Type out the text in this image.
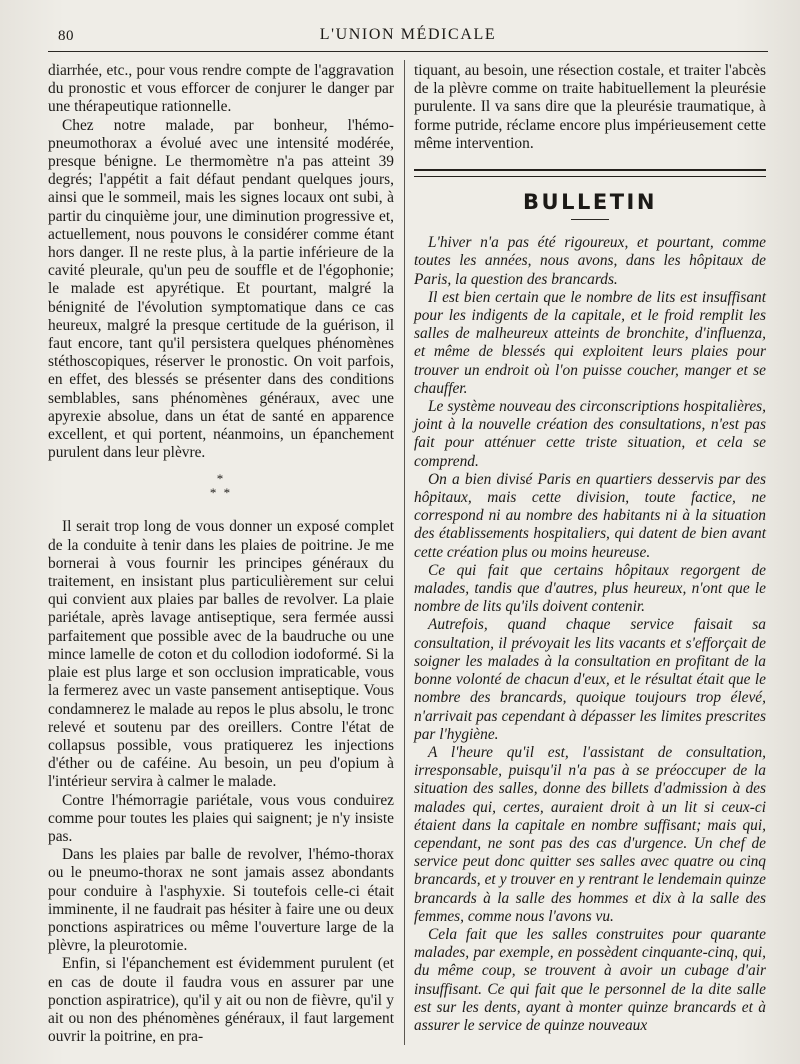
80	L'UNION MÉDICALE

diarrhée, etc., pour vous rendre compte de l'aggravation du pronostic et vous efforcer de conjurer le danger par une thérapeutique rationnelle.

Chez notre malade, par bonheur, l'hémo-pneumothorax a évolué avec une intensité modérée, presque bénigne. Le thermomètre n'a pas atteint 39 degrés; l'appétit a fait défaut pendant quelques jours, ainsi que le sommeil, mais les signes locaux ont subi, à partir du cinquième jour, une diminution progressive et, actuellement, nous pouvons le considérer comme étant hors danger. Il ne reste plus, à la partie inférieure de la cavité pleurale, qu'un peu de souffle et de l'égophonie; le malade est apyrétique. Et pourtant, malgré la bénignité de l'évolution symptomatique dans ce cas heureux, malgré la presque certitude de la guérison, il faut encore, tant qu'il persistera quelques phénomènes stéthoscopiques, réserver le pronostic. On voit parfois, en effet, des blessés se présenter dans des conditions semblables, sans phénomènes généraux, avec une apyrexie absolue, dans un état de santé en apparence excellent, et qui portent, néanmoins, un épanchement purulent dans leur plèvre.

*
* *

Il serait trop long de vous donner un exposé complet de la conduite à tenir dans les plaies de poitrine. Je me bornerai à vous fournir les principes généraux du traitement, en insistant plus particulièrement sur celui qui convient aux plaies par balles de revolver. La plaie pariétale, après lavage antiseptique, sera fermée aussi parfaitement que possible avec de la baudruche ou une mince lamelle de coton et du collodion iodoformé. Si la plaie est plus large et son occlusion impraticable, vous la fermerez avec un vaste pansement antiseptique. Vous condamnerez le malade au repos le plus absolu, le tronc relevé et soutenu par des oreillers. Contre l'état de collapsus possible, vous pratiquerez les injections d'éther ou de caféine. Au besoin, un peu d'opium à l'intérieur servira à calmer le malade.

Contre l'hémorragie pariétale, vous vous conduirez comme pour toutes les plaies qui saignent; je n'y insiste pas.

Dans les plaies par balle de revolver, l'hémo-thorax ou le pneumo-thorax ne sont jamais assez abondants pour conduire à l'asphyxie. Si toutefois celle-ci était imminente, il ne faudrait pas hésiter à faire une ou deux ponctions aspiratrices ou même l'ouverture large de la plèvre, la pleurotomie.

Enfin, si l'épanchement est évidemment purulent (et en cas de doute il faudra vous en assurer par une ponction aspiratrice), qu'il y ait ou non de fièvre, qu'il y ait ou non des phénomènes généraux, il faut largement ouvrir la poitrine, en pra-

tiquant, au besoin, une résection costale, et traiter l'abcès de la plèvre comme on traite habituellement la pleurésie purulente. Il va sans dire que la pleurésie traumatique, à forme putride, réclame encore plus impérieusement cette même intervention.

BULLETIN

L'hiver n'a pas été rigoureux, et pourtant, comme toutes les années, nous avons, dans les hôpitaux de Paris, la question des brancards.

Il est bien certain que le nombre de lits est insuffisant pour les indigents de la capitale, et le froid remplit les salles de malheureux atteints de bronchite, d'influenza, et même de blessés qui exploitent leurs plaies pour trouver un endroit où l'on puisse coucher, manger et se chauffer.

Le système nouveau des circonscriptions hospitalières, joint à la nouvelle création des consultations, n'est pas fait pour atténuer cette triste situation, et cela se comprend.

On a bien divisé Paris en quartiers desservis par des hôpitaux, mais cette division, toute factice, ne correspond ni au nombre des habitants ni à la situation des établissements hospitaliers, qui datent de bien avant cette création plus ou moins heureuse.

Ce qui fait que certains hôpitaux regorgent de malades, tandis que d'autres, plus heureux, n'ont que le nombre de lits qu'ils doivent contenir.

Autrefois, quand chaque service faisait sa consultation, il prévoyait les lits vacants et s'efforçait de soigner les malades à la consultation en profitant de la bonne volonté de chacun d'eux, et le résultat était que le nombre des brancards, quoique toujours trop élevé, n'arrivait pas cependant à dépasser les limites prescrites par l'hygiène.

A l'heure qu'il est, l'assistant de consultation, irresponsable, puisqu'il n'a pas à se préoccuper de la situation des salles, donne des billets d'admission à des malades qui, certes, auraient droit à un lit si ceux-ci étaient dans la capitale en nombre suffisant; mais qui, cependant, ne sont pas des cas d'urgence. Un chef de service peut donc quitter ses salles avec quatre ou cinq brancards, et y trouver en y rentrant le lendemain quinze brancards à la salle des hommes et dix à la salle des femmes, comme nous l'avons vu.

Cela fait que les salles construites pour quarante malades, par exemple, en possèdent cinquante-cinq, qui, du même coup, se trouvent à avoir un cubage d'air insuffisant. Ce qui fait que le personnel de la dite salle est sur les dents, ayant à monter quinze brancards et à assurer le service de quinze nouveaux
